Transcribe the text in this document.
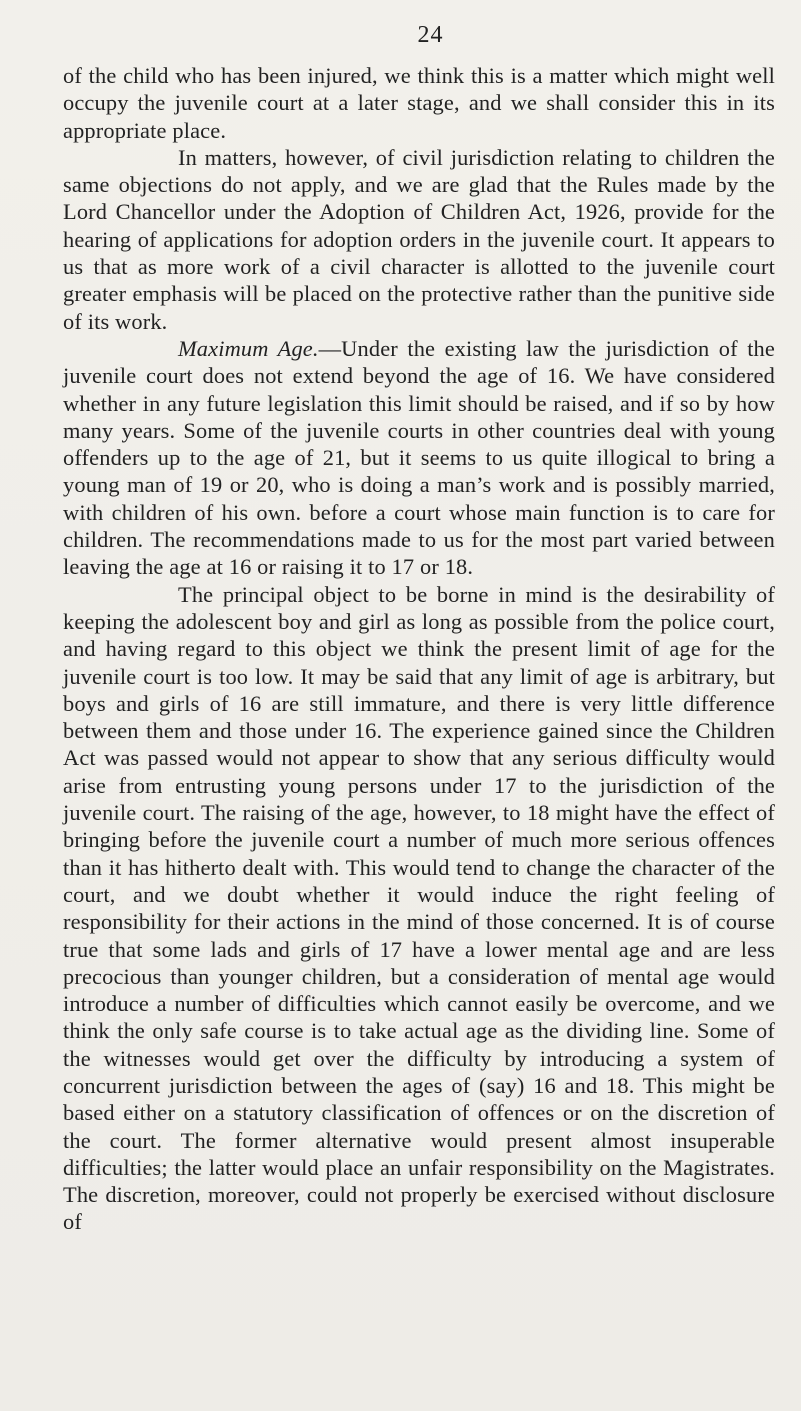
24

of the child who has been injured, we think this is a matter which might well occupy the juvenile court at a later stage, and we shall consider this in its appropriate place.

In matters, however, of civil jurisdiction relating to children the same objections do not apply, and we are glad that the Rules made by the Lord Chancellor under the Adoption of Children Act, 1926, provide for the hearing of applications for adoption orders in the juvenile court. It appears to us that as more work of a civil character is allotted to the juvenile court greater emphasis will be placed on the protective rather than the punitive side of its work.

Maximum Age.—Under the existing law the jurisdiction of the juvenile court does not extend beyond the age of 16. We have considered whether in any future legislation this limit should be raised, and if so by how many years. Some of the juvenile courts in other countries deal with young offenders up to the age of 21, but it seems to us quite illogical to bring a young man of 19 or 20, who is doing a man’s work and is possibly married, with children of his own. before a court whose main function is to care for children. The recommendations made to us for the most part varied between leaving the age at 16 or raising it to 17 or 18.

The principal object to be borne in mind is the desirability of keeping the adolescent boy and girl as long as possible from the police court, and having regard to this object we think the present limit of age for the juvenile court is too low. It may be said that any limit of age is arbitrary, but boys and girls of 16 are still immature, and there is very little difference between them and those under 16. The experience gained since the Children Act was passed would not appear to show that any serious difficulty would arise from entrusting young persons under 17 to the jurisdiction of the juvenile court. The raising of the age, however, to 18 might have the effect of bringing before the juvenile court a number of much more serious offences than it has hitherto dealt with. This would tend to change the character of the court, and we doubt whether it would induce the right feeling of responsibility for their actions in the mind of those concerned. It is of course true that some lads and girls of 17 have a lower mental age and are less precocious than younger children, but a consideration of mental age would introduce a number of difficulties which cannot easily be overcome, and we think the only safe course is to take actual age as the dividing line. Some of the witnesses would get over the difficulty by introducing a system of concurrent jurisdiction between the ages of (say) 16 and 18. This might be based either on a statutory classification of offences or on the discretion of the court. The former alternative would present almost insuperable difficulties; the latter would place an unfair responsibility on the Magistrates. The discretion, moreover, could not properly be exercised without disclosure of
